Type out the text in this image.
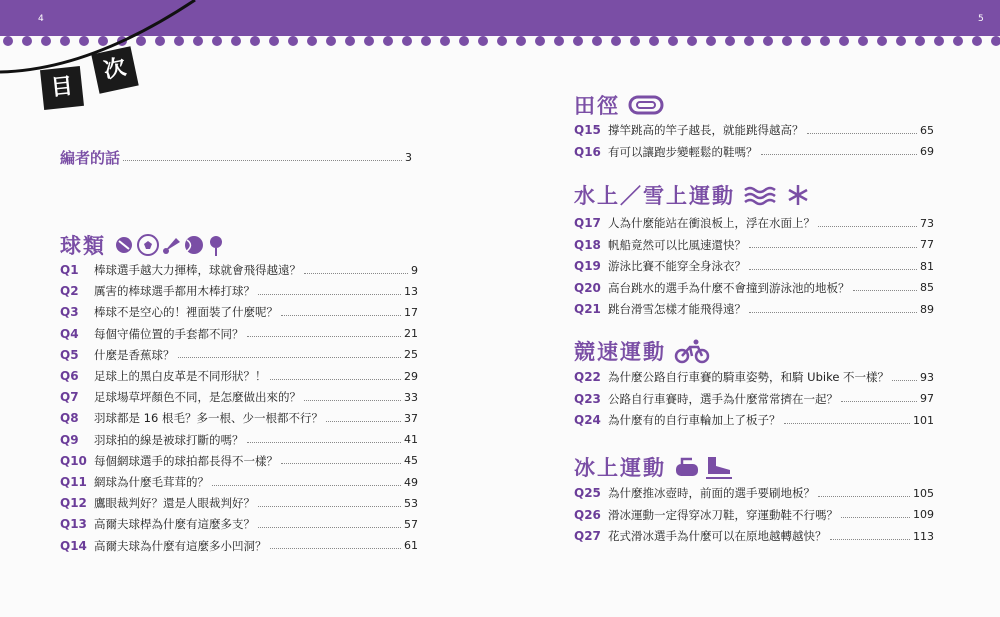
4	5
目
次
編者的話	3
球類
Q1	棒球選手越大力揮棒，球就會飛得越遠？	9
Q2	厲害的棒球選手都用木棒打球？	13
Q3	棒球不是空心的！裡面裝了什麼呢？	17
Q4	每個守備位置的手套都不同？	21
Q5	什麼是香蕉球？	25
Q6	足球上的黑白皮革是不同形狀？！	29
Q7	足球場草坪顏色不同，是怎麼做出來的？	33
Q8	羽球都是 16 根毛？多一根、少一根都不行？	37
Q9	羽球拍的線是被球打斷的嗎？	41
Q10 每個網球選手的球拍都長得不一樣？	45
Q11 網球為什麼毛茸茸的？	49
Q12 鷹眼裁判好？還是人眼裁判好？	53
Q13 高爾夫球桿為什麼有這麼多支？	57
Q14 高爾夫球為什麼有這麼多小凹洞？	61
田徑
水上／雪上運動
競速運動
冰上運動
Q15 撐竿跳高的竿子越長，就能跳得越高？	65
Q16 有可以讓跑步變輕鬆的鞋嗎？	69
Q17 人為什麼能站在衝浪板上，浮在水面上？	73
Q18 帆船竟然可以比風速還快？	77
Q19 游泳比賽不能穿全身泳衣？	81
Q20 高台跳水的選手為什麼不會撞到游泳池的地板？	85
Q21 跳台滑雪怎樣才能飛得遠？	89
Q22 為什麼公路自行車賽的騎車姿勢，和騎 Ubike 不一樣？	93
Q23 公路自行車賽時，選手為什麼常常擠在一起？	97
Q24 為什麼有的自行車輪加上了板子？	101
Q25 為什麼推冰壺時，前面的選手要刷地板？	105
Q26 滑冰運動一定得穿冰刀鞋，穿運動鞋不行嗎？	109
Q27 花式滑冰選手為什麼可以在原地越轉越快？	113
